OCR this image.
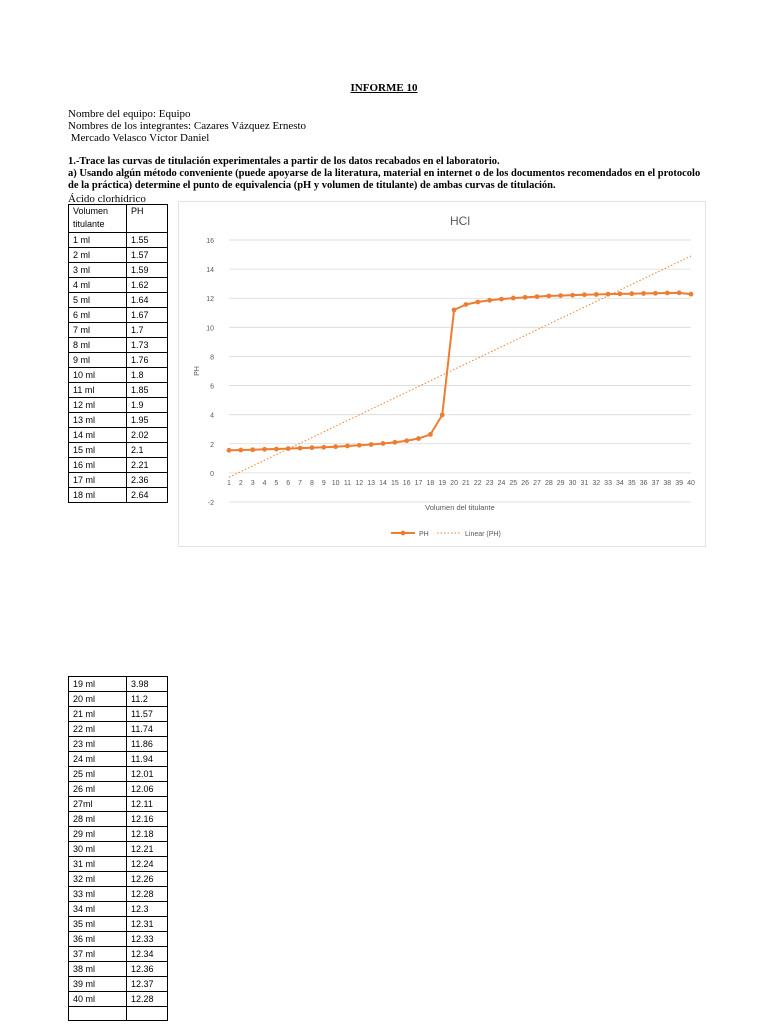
INFORME 10
Nombre del equipo: Equipo
Nombres de los integrantes: Cazares Vázquez Ernesto
Mercado Velasco Víctor Daniel
1.-Trace las curvas de titulación experimentales a partir de los datos recabados en el laboratorio.
a) Usando algún método conveniente (puede apoyarse de la literatura, material en internet o de los documentos recomendados en el protocolo de la práctica) determine el punto de equivalencia (pH y volumen de titulante) de ambas curvas de titulación.
Ácido clorhídrico
Volumen titulante	PH
1 ml	1.55
2 ml	1.57
3 ml	1.59
4 ml	1.62
5 ml	1.64
6 ml	1.67
7 ml	1.7
8 ml	1.73
9 ml	1.76
10 ml	1.8
11 ml	1.85
12 ml	1.9
13 ml	1.95
14 ml	2.02
15 ml	2.1
16 ml	2.21
17 ml	2.36
18 ml	2.64
19 ml	3.98
20 ml	11.2
21 ml	11.57
22 ml	11.74
23 ml	11.86
24 ml	11.94
25 ml	12.01
26 ml	12.06
27ml	12.11
28 ml	12.16
29 ml	12.18
30 ml	12.21
31 ml	12.24
32 ml	12.26
33 ml	12.28
34 ml	12.3
35 ml	12.31
36 ml	12.33
37 ml	12.34
38 ml	12.36
39 ml	12.37
40 ml	12.28

HCl
-2
0
2
4
6
8
10
12
14
16
1 2 3 4 5 6 7 8 9 10 11 12 13 14 15 16 17 18 19 20 21 22 23 24 25 26 27 28 29 30 31 32 33 34 35 36 37 38 39 40
Volumen del titulante
PH
PH	Linear (PH)
